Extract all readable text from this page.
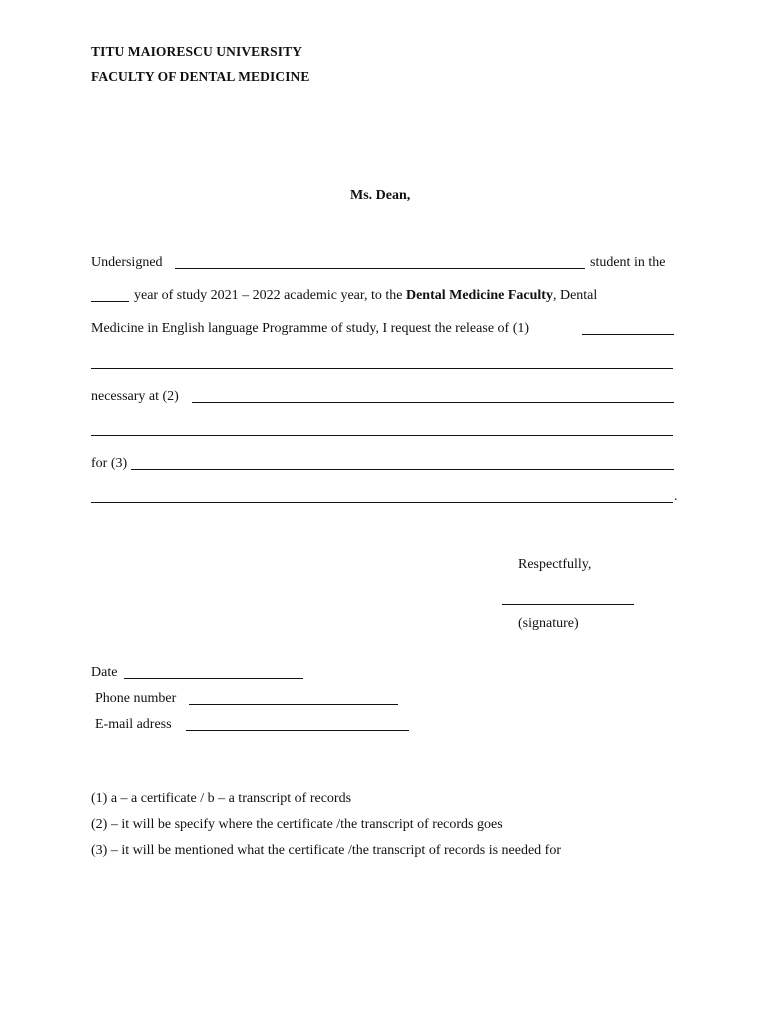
TITU MAIORESCU UNIVERSITY
FACULTY OF DENTAL MEDICINE
Ms. Dean,
Undersigned	student in the
year of study 2021 – 2022 academic year, to the Dental Medicine Faculty, Dental
Medicine in English language Programme of study, I request the release of (1)
necessary at (2)
for (3)
.
Respectfully,
(signature)
Date
Phone number
E-mail adress
(1) a – a certificate / b – a transcript of records
(2) – it will be specify where the certificate /the transcript of records goes
(3) – it will be mentioned what the certificate /the transcript of records is needed for
